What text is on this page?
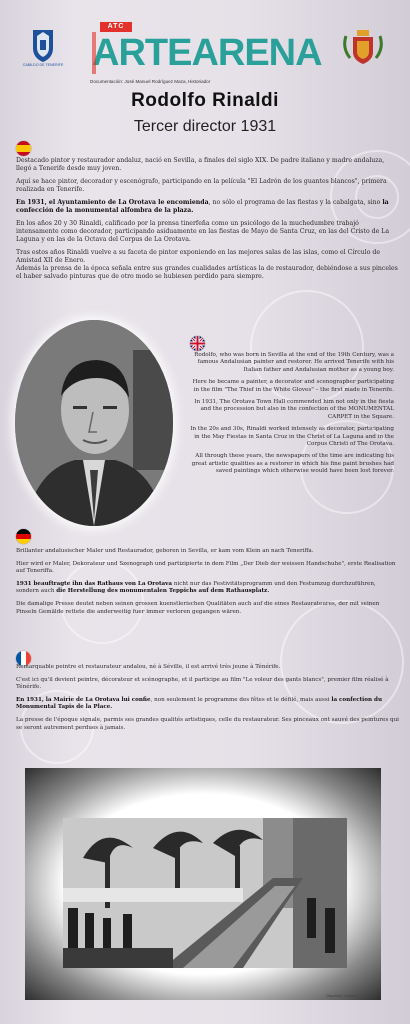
CABILDO DE TENERIFE
ATC
ARTEARENA
Documentación: José Manuel Rodríguez Maza, Historiador
Rodolfo Rinaldi
Tercer director 1931

Destacado pintor y restaurador andaluz, nació en Sevilla, a finales del siglo XIX. De padre italiano y madre andaluza, llegó a Tenerife desde muy joven.

Aquí se hace pintor, decorador y escenógrafo, participando en la película "El Ladrón de los guantes blancos", primera realizada en Tenerife.

En 1931, el Ayuntamiento de La Orotava le encomienda, no sólo el programa de las fiestas y la cabalgata, sino la confección de la monumental alfombra de la plaza.

En los años 20 y 30 Rinaldi, calificado por la prensa tinerfeña como un psicólogo de la muchedumbre trabajó intensamente como decorador, participando asiduamente en las fiestas de Mayo de Santa Cruz, en las del Cristo de La Laguna y en las de la Octava del Corpus de La Orotava.

Tras estos años Rinaldi vuelve a su faceta de pintor exponiendo en las mejores salas de las islas, como el Círculo de Amistad XII de Enero.

Además la prensa de la época señala entre sus grandes cualidades artísticas la de restaurador, debiéndose a sus pinceles el haber salvado pinturas que de otro modo se hubiesen perdido para siempre.

Rodolfo, who was born in Sevilla at the end of the 19th Century, was a famous Andalusian painter and restorer. He arrived Tenerife with his Italian father and Andalusian mother as a young boy.

Here he became a painter, a decorator and scenographer participating in the film "The Thief in the White Gloves" – the first made in Tenerife.

In 1931, The Orotava Town Hall commended him not only in the fiesta and the procession but also in the confection of the MONUMENTAL CARPET in the Square.

In the 20s and 30s, Rinaldi worked intensely as decorator, participating in the May Fiestas in Santa Cruz in the Christ of La Laguna and in the Corpus Christi of The Orotava.

All through these years, the newspapers of the time are indicating his great artistic qualities as a restorer in which his fine paint brushes had saved paintings which otherwise would have been lost forever.

Brillanter andalusischer Maler und Restaurador, geboren in Sevilla, er kam vom Klein an nach Teneriffa.

Hier wird er Maler, Dekorateur und Szenograph und partizipierte in dem Film „Der Dieb der weissen Handschuhe", erste Realisation auf Teneriffa.

1931 beauftragte ihn das Rathaus von La Orotava nicht nur das Festivitätsprogramm und den Festumzug durchzuführen, sondern auch die Herstellung des monumentalen Teppichs auf dem Rathausplatz.

Die damalige Presse deutet neben seinen grossen kuenstlerischen Qualitäten auch auf die eines Restaurateures, der mit seinen Pinseln Gemälde rettete die anderweitig fuer immer verloren gegangen wären.

Remarquable peintre et restaurateur andalou, né à Séville, il est arrivé très jeune à Ténérife.

C'est ici qu'il devient peintre, décorateur et scénographe, et il participe au film "Le voleur des gants blancs", premier film réalisé à Ténérife.

En 1931, la Mairie de La Orotava lui confie, non seulement le programme des fêtes et le défilé, mais aussi la confection du Monumental Tapis de la Place.

La presse de l'époque signale, parmis ses grandes qualités artistiques, celle du restaurateur. Ses pinceaux ont sauvé des peintures qui se seront autrement perdues à jamais.

Dispositor: Orotava
